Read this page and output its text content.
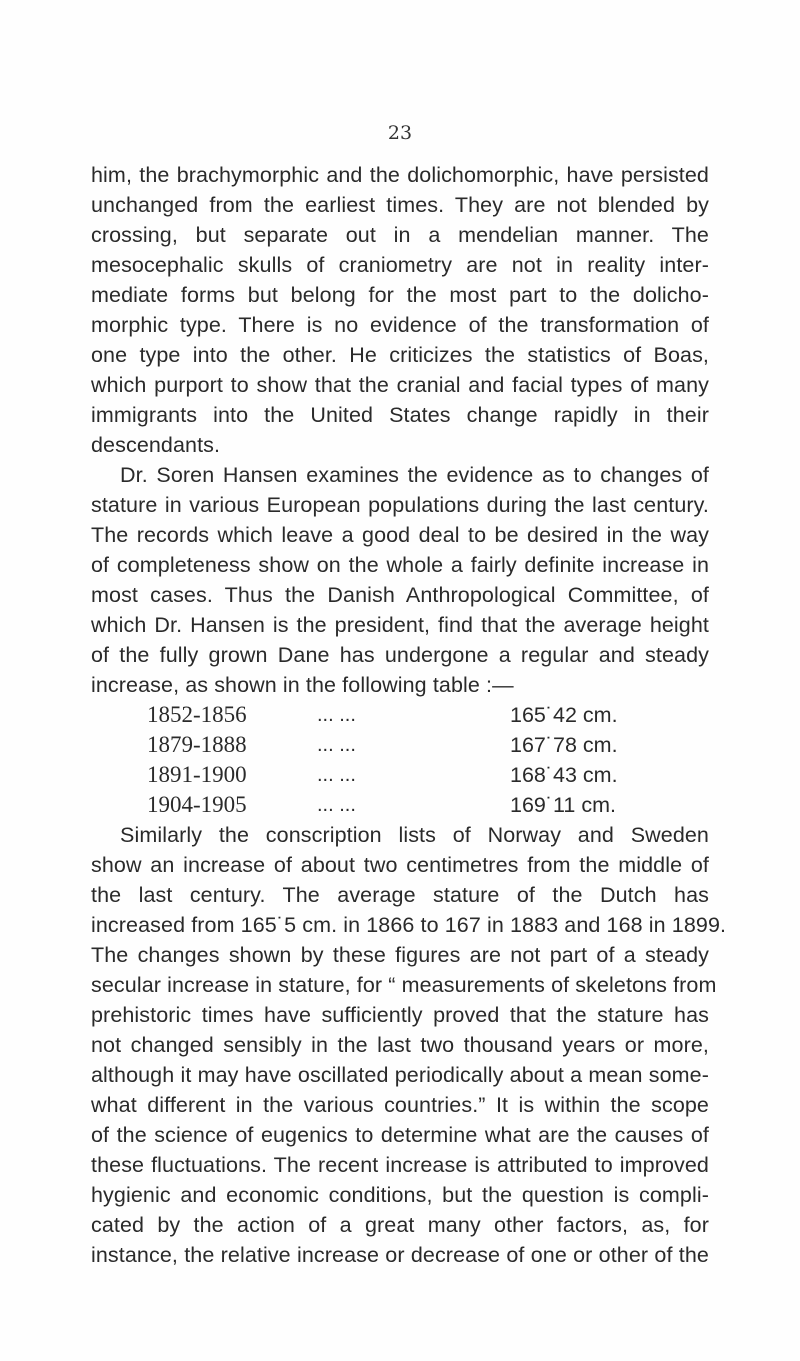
23
him, the brachymorphic and the dolichomorphic, have persisted
unchanged from the earliest times. They are not blended by
crossing, but separate out in a mendelian manner. The
mesocephalic skulls of craniometry are not in reality inter-
mediate forms but belong for the most part to the dolicho-
morphic type. There is no evidence of the transformation of
one type into the other. He criticizes the statistics of Boas,
which purport to show that the cranial and facial types of many
immigrants into the United States change rapidly in their
descendants.
Dr. Soren Hansen examines the evidence as to changes of
stature in various European populations during the last century.
The records which leave a good deal to be desired in the way
of completeness show on the whole a fairly definite increase in
most cases. Thus the Danish Anthropological Committee, of
which Dr. Hansen is the president, find that the average height
of the fully grown Dane has undergone a regular and steady
increase, as shown in the following table :—
1852-1856	... ...	165˙42 cm.
1879-1888	... ...	167˙78 cm.
1891-1900	... ...	168˙43 cm.
1904-1905	... ...	169˙11 cm.
Similarly the conscription lists of Norway and Sweden
show an increase of about two centimetres from the middle of
the last century. The average stature of the Dutch has
increased from 165˙5 cm. in 1866 to 167 in 1883 and 168 in 1899.
The changes shown by these figures are not part of a steady
secular increase in stature, for “ measurements of skeletons from
prehistoric times have sufficiently proved that the stature has
not changed sensibly in the last two thousand years or more,
although it may have oscillated periodically about a mean some-
what different in the various countries.” It is within the scope
of the science of eugenics to determine what are the causes of
these fluctuations. The recent increase is attributed to improved
hygienic and economic conditions, but the question is compli-
cated by the action of a great many other factors, as, for
instance, the relative increase or decrease of one or other of the
